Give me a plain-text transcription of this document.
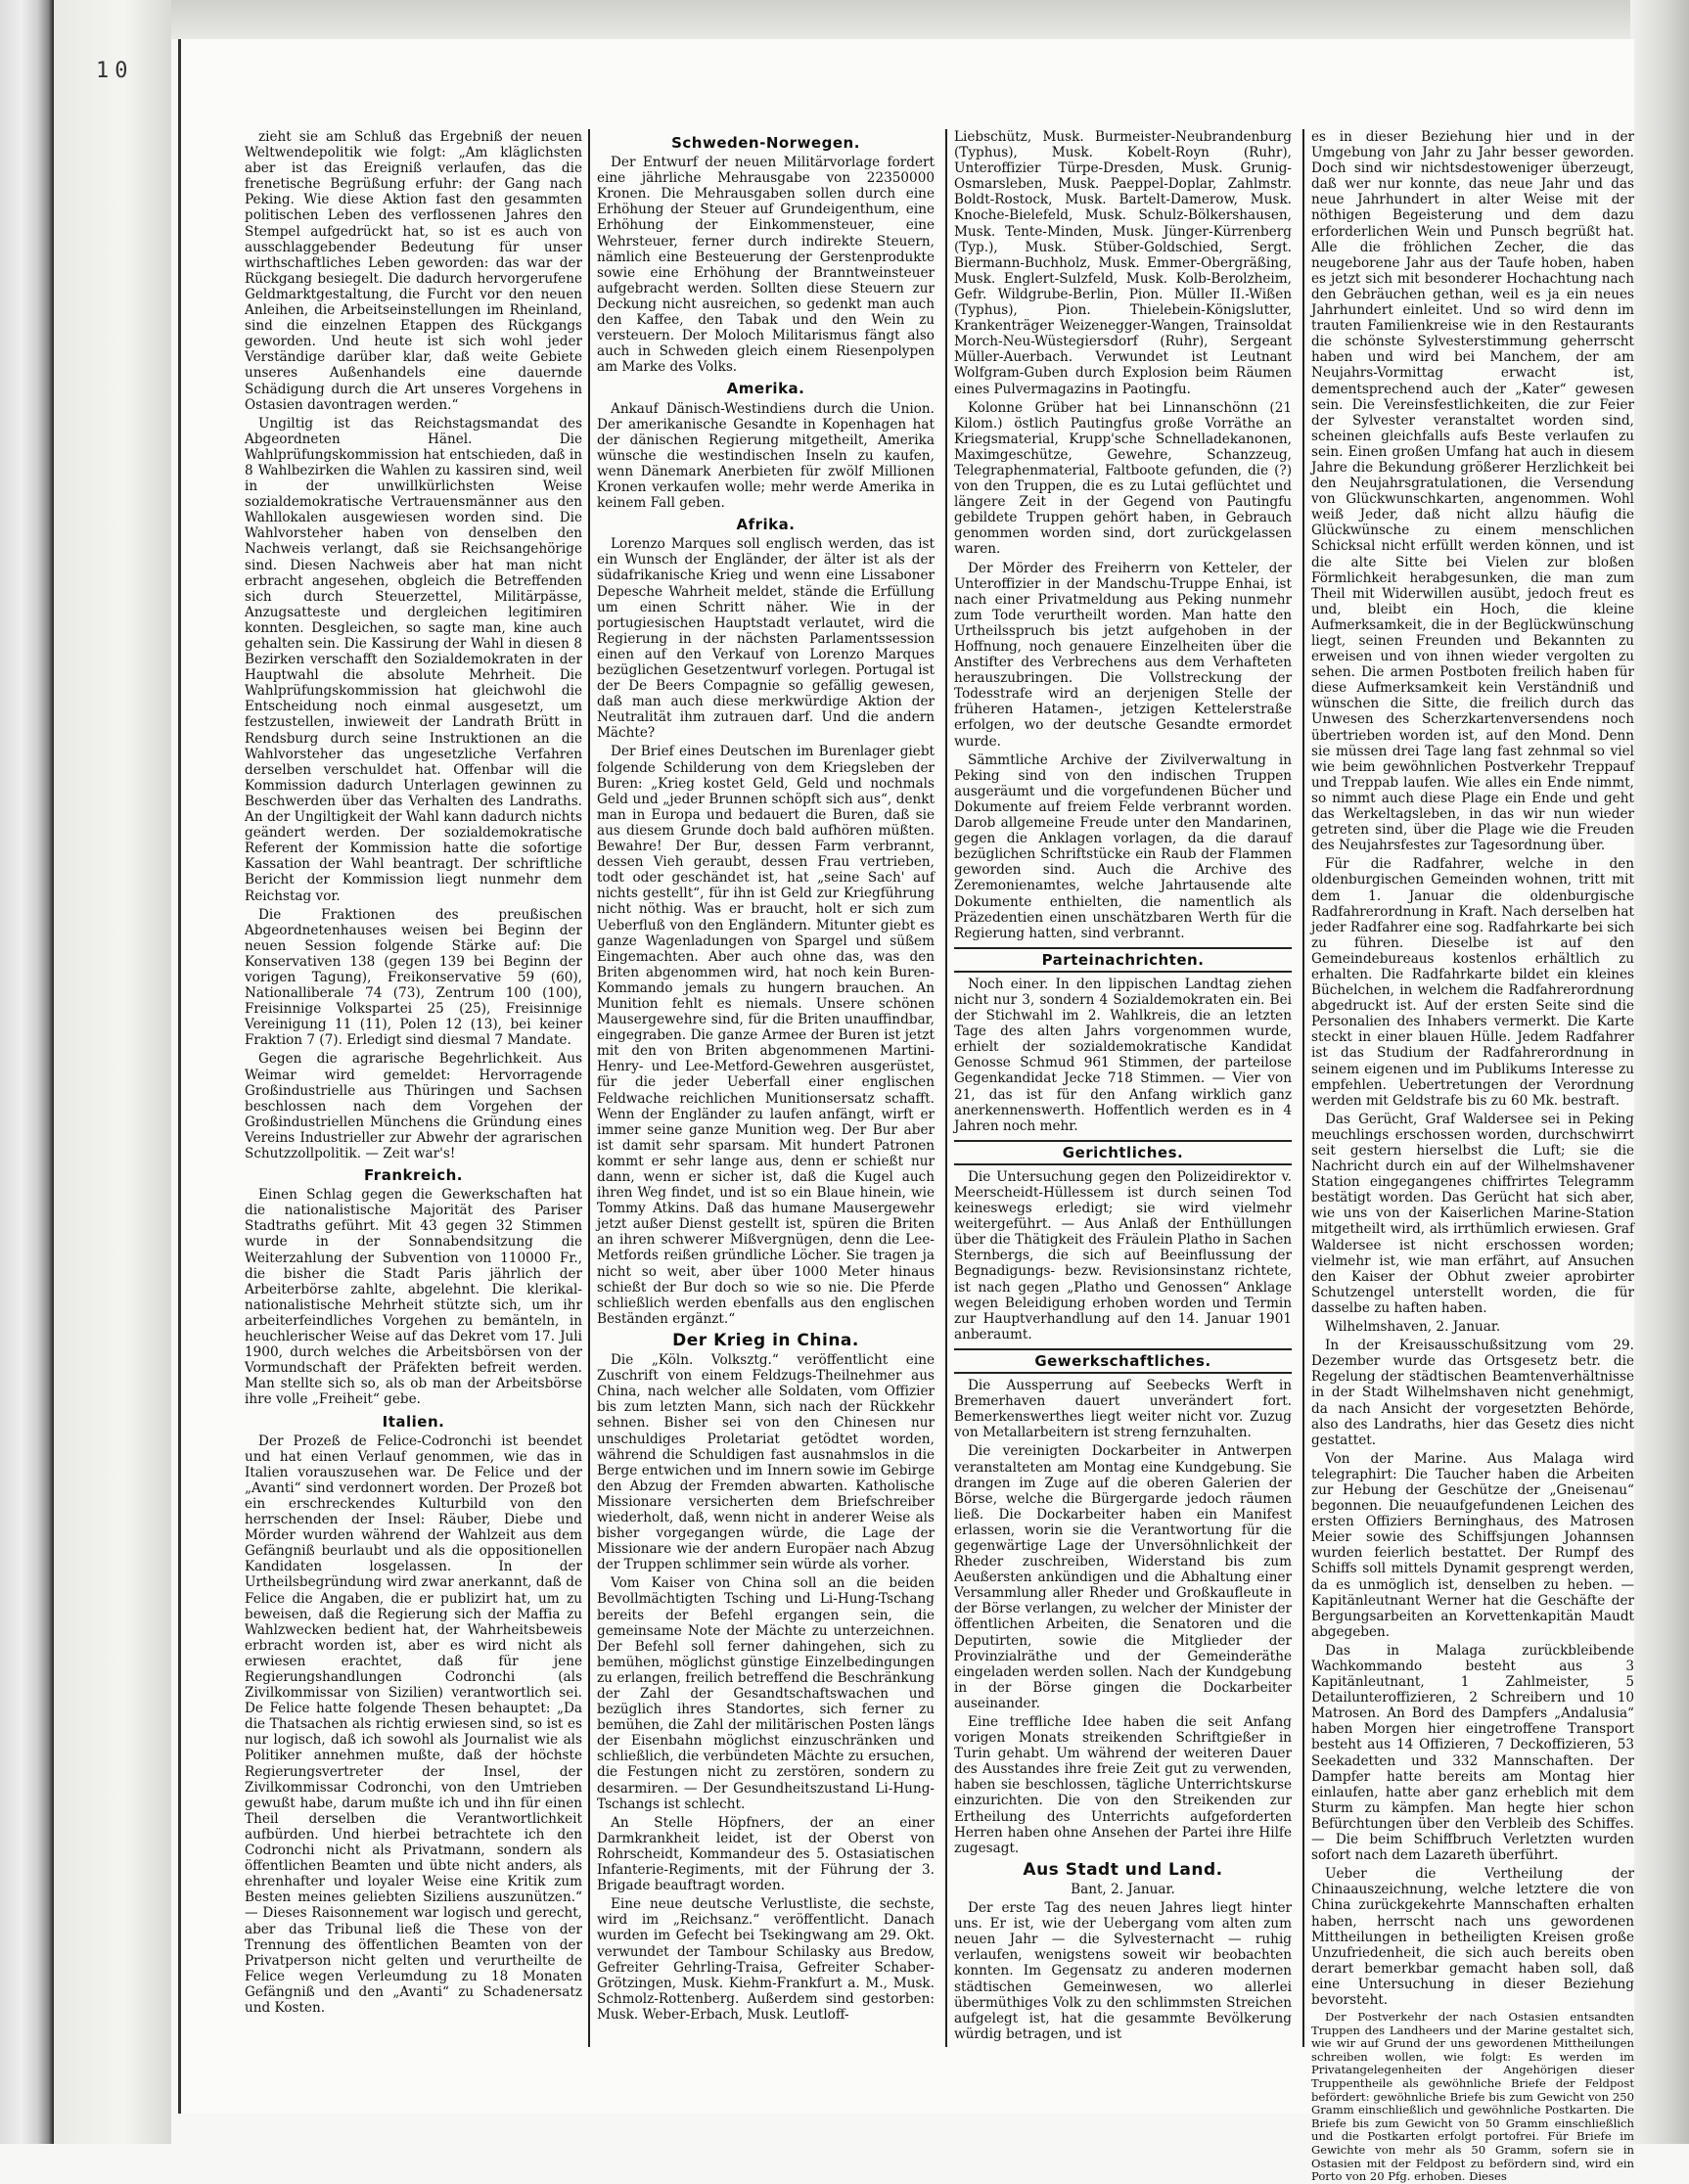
10

zieht sie am Schluß das Ergebniß der neuen Weltwendepolitik wie folgt: „Am kläglichsten aber ist das Ereigniß verlaufen, das die frenetische Begrüßung erfuhr: der Gang nach Peking. Wie diese Aktion fast den gesammten politischen Leben des verflossenen Jahres den Stempel aufgedrückt hat, so ist es auch von ausschlaggebender Bedeutung für unser wirthschaftliches Leben geworden: das war der Rückgang besiegelt. Die dadurch hervorgerufene Geldmarktgestaltung, die Furcht vor den neuen Anleihen, die Arbeitseinstellungen im Rheinland, sind die einzelnen Etappen des Rückgangs geworden. Und heute ist sich wohl jeder Verständige darüber klar, daß weite Gebiete unseres Außenhandels eine dauernde Schädigung durch die Art unseres Vorgehens in Ostasien davontragen werden.“

Ungiltig ist das Reichstagsmandat des Abgeordneten Hänel. Die Wahlprüfungskommission hat entschieden, daß in 8 Wahlbezirken die Wahlen zu kassiren sind, weil in der unwillkürlichsten Weise sozialdemokratische Vertrauensmänner aus den Wahllokalen ausgewiesen worden sind. Die Wahlvorsteher haben von denselben den Nachweis verlangt, daß sie Reichsangehörige sind. Diesen Nachweis aber hat man nicht erbracht angesehen, obgleich die Betreffenden sich durch Steuerzettel, Militärpässe, Anzugsatteste und dergleichen legitimiren konnten. Desgleichen, so sagte man, kine auch gehalten sein. Die Kassirung der Wahl in diesen 8 Bezirken verschafft den Sozialdemokraten in der Hauptwahl die absolute Mehrheit. Die Wahlprüfungskommission hat gleichwohl die Entscheidung noch einmal ausgesetzt, um festzustellen, inwieweit der Landrath Brütt in Rendsburg durch seine Instruktionen an die Wahlvorsteher das ungesetzliche Verfahren derselben verschuldet hat. Offenbar will die Kommission dadurch Unterlagen gewinnen zu Beschwerden über das Verhalten des Landraths. An der Ungiltigkeit der Wahl kann dadurch nichts geändert werden. Der sozialdemokratische Referent der Kommission hatte die sofortige Kassation der Wahl beantragt. Der schriftliche Bericht der Kommission liegt nunmehr dem Reichstag vor.

Die Fraktionen des preußischen Abgeordnetenhauses weisen bei Beginn der neuen Session folgende Stärke auf: Die Konservativen 138 (gegen 139 bei Beginn der vorigen Tagung), Freikonservative 59 (60), Nationalliberale 74 (73), Zentrum 100 (100), Freisinnige Volkspartei 25 (25), Freisinnige Vereinigung 11 (11), Polen 12 (13), bei keiner Fraktion 7 (7). Erledigt sind diesmal 7 Mandate.

Gegen die agrarische Begehrlichkeit. Aus Weimar wird gemeldet: Hervorragende Großindustrielle aus Thüringen und Sachsen beschlossen nach dem Vorgehen der Großindustriellen Münchens die Gründung eines Vereins Industrieller zur Abwehr der agrarischen Schutzzollpolitik. — Zeit war's!

Frankreich.

Einen Schlag gegen die Gewerkschaften hat die nationalistische Majorität des Pariser Stadtraths geführt. Mit 43 gegen 32 Stimmen wurde in der Sonnabendsitzung die Weiterzahlung der Subvention von 110000 Fr., die bisher die Stadt Paris jährlich der Arbeiterbörse zahlte, abgelehnt. Die klerikal-nationalistische Mehrheit stützte sich, um ihr arbeiterfeindliches Vorgehen zu bemänteln, in heuchlerischer Weise auf das Dekret vom 17. Juli 1900, durch welches die Arbeitsbörsen von der Vormundschaft der Präfekten befreit werden. Man stellte sich so, als ob man der Arbeitsbörse ihre volle „Freiheit“ gebe.

Italien.

Der Prozeß de Felice-Codronchi ist beendet und hat einen Verlauf genommen, wie das in Italien vorauszusehen war. De Felice und der „Avanti“ sind verdonnert worden. Der Prozeß bot ein erschreckendes Kulturbild von den herrschenden der Insel: Räuber, Diebe und Mörder wurden während der Wahlzeit aus dem Gefängniß beurlaubt und als die oppositionellen Kandidaten losgelassen. In der Urtheilsbegründung wird zwar anerkannt, daß de Felice die Angaben, die er publizirt hat, um zu beweisen, daß die Regierung sich der Maffia zu Wahlzwecken bedient hat, der Wahrheitsbeweis erbracht worden ist, aber es wird nicht als erwiesen erachtet, daß für jene Regierungshandlungen Codronchi (als Zivilkommissar von Sizilien) verantwortlich sei. De Felice hatte folgende Thesen behauptet: „Da die Thatsachen als richtig erwiesen sind, so ist es nur logisch, daß ich sowohl als Journalist wie als Politiker annehmen mußte, daß der höchste Regierungsvertreter der Insel, der Zivilkommissar Codronchi, von den Umtrieben gewußt habe, darum mußte ich und ihn für einen Theil derselben die Verantwortlichkeit aufbürden. Und hierbei betrachtete ich den Codronchi nicht als Privatmann, sondern als öffentlichen Beamten und übte nicht anders, als ehrenhafter und loyaler Weise eine Kritik zum Besten meines geliebten Siziliens auszunützen.“ — Dieses Raisonnement war logisch und gerecht, aber das Tribunal ließ die These von der Trennung des öffentlichen Beamten von der Privatperson nicht gelten und verurtheilte de Felice wegen Verleumdung zu 18 Monaten Gefängniß und den „Avanti“ zu Schadenersatz und Kosten.

Schweden-Norwegen.

Der Entwurf der neuen Militärvorlage fordert eine jährliche Mehrausgabe von 22350000 Kronen. Die Mehrausgaben sollen durch eine Erhöhung der Steuer auf Grundeigenthum, eine Erhöhung der Einkommensteuer, eine Wehrsteuer, ferner durch indirekte Steuern, nämlich eine Besteuerung der Gerstenprodukte sowie eine Erhöhung der Branntweinsteuer aufgebracht werden. Sollten diese Steuern zur Deckung nicht ausreichen, so gedenkt man auch den Kaffee, den Tabak und den Wein zu versteuern. Der Moloch Militarismus fängt also auch in Schweden gleich einem Riesenpolypen am Marke des Volks.

Amerika.

Ankauf Dänisch-Westindiens durch die Union. Der amerikanische Gesandte in Kopenhagen hat der dänischen Regierung mitgetheilt, Amerika wünsche die westindischen Inseln zu kaufen, wenn Dänemark Anerbieten für zwölf Millionen Kronen verkaufen wolle; mehr werde Amerika in keinem Fall geben.

Afrika.

Lorenzo Marques soll englisch werden, das ist ein Wunsch der Engländer, der älter ist als der südafrikanische Krieg und wenn eine Lissaboner Depesche Wahrheit meldet, stände die Erfüllung um einen Schritt näher. Wie in der portugiesischen Hauptstadt verlautet, wird die Regierung in der nächsten Parlamentssession einen auf den Verkauf von Lorenzo Marques bezüglichen Gesetzentwurf vorlegen. Portugal ist der De Beers Compagnie so gefällig gewesen, daß man auch diese merkwürdige Aktion der Neutralität ihm zutrauen darf. Und die andern Mächte?

Der Brief eines Deutschen im Burenlager giebt folgende Schilderung von dem Kriegsleben der Buren: „Krieg kostet Geld, Geld und nochmals Geld und „jeder Brunnen schöpft sich aus“, denkt man in Europa und bedauert die Buren, daß sie aus diesem Grunde doch bald aufhören müßten. Bewahre! Der Bur, dessen Farm verbrannt, dessen Vieh geraubt, dessen Frau vertrieben, todt oder geschändet ist, hat „seine Sach' auf nichts gestellt“, für ihn ist Geld zur Kriegführung nicht nöthig. Was er braucht, holt er sich zum Ueberfluß von den Engländern. Mitunter giebt es ganze Wagenladungen von Spargel und süßem Eingemachten. Aber auch ohne das, was den Briten abgenommen wird, hat noch kein Buren-Kommando jemals zu hungern brauchen. An Munition fehlt es niemals. Unsere schönen Mausergewehre sind, für die Briten unauffindbar, eingegraben. Die ganze Armee der Buren ist jetzt mit den von Briten abgenommenen Martini-Henry- und Lee-Metford-Gewehren ausgerüstet, für die jeder Ueberfall einer englischen Feldwache reichlichen Munitionsersatz schafft. Wenn der Engländer zu laufen anfängt, wirft er immer seine ganze Munition weg. Der Bur aber ist damit sehr sparsam. Mit hundert Patronen kommt er sehr lange aus, denn er schießt nur dann, wenn er sicher ist, daß die Kugel auch ihren Weg findet, und ist so ein Blaue hinein, wie Tommy Atkins. Daß das humane Mausergewehr jetzt außer Dienst gestellt ist, spüren die Briten an ihren schwerer Mißvergnügen, denn die Lee-Metfords reißen gründliche Löcher. Sie tragen ja nicht so weit, aber über 1000 Meter hinaus schießt der Bur doch so wie so nie. Die Pferde schließlich werden ebenfalls aus den englischen Beständen ergänzt.“

Der Krieg in China.

Die „Köln. Volksztg.“ veröffentlicht eine Zuschrift von einem Feldzugs-Theilnehmer aus China, nach welcher alle Soldaten, vom Offizier bis zum letzten Mann, sich nach der Rückkehr sehnen. Bisher sei von den Chinesen nur unschuldiges Proletariat getödtet worden, während die Schuldigen fast ausnahmslos in die Berge entwichen und im Innern sowie im Gebirge den Abzug der Fremden abwarten. Katholische Missionare versicherten dem Briefschreiber wiederholt, daß, wenn nicht in anderer Weise als bisher vorgegangen würde, die Lage der Missionare wie der andern Europäer nach Abzug der Truppen schlimmer sein würde als vorher.

Vom Kaiser von China soll an die beiden Bevollmächtigten Tsching und Li-Hung-Tschang bereits der Befehl ergangen sein, die gemeinsame Note der Mächte zu unterzeichnen. Der Befehl soll ferner dahingehen, sich zu bemühen, möglichst günstige Einzelbedingungen zu erlangen, freilich betreffend die Beschränkung der Zahl der Gesandtschaftswachen und bezüglich ihres Standortes, sich ferner zu bemühen, die Zahl der militärischen Posten längs der Eisenbahn möglichst einzuschränken und schließlich, die verbündeten Mächte zu ersuchen, die Festungen nicht zu zerstören, sondern zu desarmiren. — Der Gesundheitszustand Li-Hung-Tschangs ist schlecht.

An Stelle Höpfners, der an einer Darmkrankheit leidet, ist der Oberst von Rohrscheidt, Kommandeur des 5. Ostasiatischen Infanterie-Regiments, mit der Führung der 3. Brigade beauftragt worden.

Eine neue deutsche Verlustliste, die sechste, wird im „Reichsanz.“ veröffentlicht. Danach wurden im Gefecht bei Tsekingwang am 29. Okt. verwundet der Tambour Schilasky aus Bredow, Gefreiter Gehrling-Traisa, Gefreiter Schaber-Grötzingen, Musk. Kiehm-Frankfurt a. M., Musk. Schmolz-Rottenberg. Außerdem sind gestorben: Musk. Weber-Erbach, Musk. Leutloff-

Liebschütz, Musk. Burmeister-Neubrandenburg (Typhus), Musk. Kobelt-Royn (Ruhr), Unteroffizier Türpe-Dresden, Musk. Grunig-Osmarsleben, Musk. Paeppel-Doplar, Zahlmstr. Boldt-Rostock, Musk. Bartelt-Damerow, Musk. Knoche-Bielefeld, Musk. Schulz-Bölkershausen, Musk. Tente-Minden, Musk. Jünger-Kürrenberg (Typ.), Musk. Stüber-Goldschied, Sergt. Biermann-Buchholz, Musk. Emmer-Obergräßing, Musk. Englert-Sulzfeld, Musk. Kolb-Berolzheim, Gefr. Wildgrube-Berlin, Pion. Müller II.-Wißen (Typhus), Pion. Thielebein-Königslutter, Krankenträger Weizenegger-Wangen, Trainsoldat Morch-Neu-Wüstegiersdorf (Ruhr), Sergeant Müller-Auerbach. Verwundet ist Leutnant Wolfgram-Guben durch Explosion beim Räumen eines Pulvermagazins in Paotingfu.

Kolonne Grüber hat bei Linnanschönn (21 Kilom.) östlich Pautingfus große Vorräthe an Kriegsmaterial, Krupp'sche Schnelladekanonen, Maximgeschütze, Gewehre, Schanzzeug, Telegraphenmaterial, Faltboote gefunden, die (?) von den Truppen, die es zu Lutai geflüchtet und längere Zeit in der Gegend von Pautingfu gebildete Truppen gehört haben, in Gebrauch genommen worden sind, dort zurückgelassen waren.

Der Mörder des Freiherrn von Ketteler, der Unteroffizier in der Mandschu-Truppe Enhai, ist nach einer Privatmeldung aus Peking nunmehr zum Tode verurtheilt worden. Man hatte den Urtheilsspruch bis jetzt aufgehoben in der Hoffnung, noch genauere Einzelheiten über die Anstifter des Verbrechens aus dem Verhafteten herauszubringen. Die Vollstreckung der Todesstrafe wird an derjenigen Stelle der früheren Hatamen-, jetzigen Kettelerstraße erfolgen, wo der deutsche Gesandte ermordet wurde.

Sämmtliche Archive der Zivilverwaltung in Peking sind von den indischen Truppen ausgeräumt und die vorgefundenen Bücher und Dokumente auf freiem Felde verbrannt worden. Darob allgemeine Freude unter den Mandarinen, gegen die Anklagen vorlagen, da die darauf bezüglichen Schriftstücke ein Raub der Flammen geworden sind. Auch die Archive des Zeremonienamtes, welche Jahrtausende alte Dokumente enthielten, die namentlich als Präzedentien einen unschätzbaren Werth für die Regierung hatten, sind verbrannt.

Parteinachrichten.

Noch einer. In den lippischen Landtag ziehen nicht nur 3, sondern 4 Sozialdemokraten ein. Bei der Stichwahl im 2. Wahlkreis, die an letzten Tage des alten Jahrs vorgenommen wurde, erhielt der sozialdemokratische Kandidat Genosse Schmud 961 Stimmen, der parteilose Gegenkandidat Jecke 718 Stimmen. — Vier von 21, das ist für den Anfang wirklich ganz anerkennenswerth. Hoffentlich werden es in 4 Jahren noch mehr.

Gerichtliches.

Die Untersuchung gegen den Polizeidirektor v. Meerscheidt-Hüllessem ist durch seinen Tod keineswegs erledigt; sie wird vielmehr weitergeführt. — Aus Anlaß der Enthüllungen über die Thätigkeit des Fräulein Platho in Sachen Sternbergs, die sich auf Beeinflussung der Begnadigungs- bezw. Revisionsinstanz richtete, ist nach gegen „Platho und Genossen“ Anklage wegen Beleidigung erhoben worden und Termin zur Hauptverhandlung auf den 14. Januar 1901 anberaumt.

Gewerkschaftliches.

Die Aussperrung auf Seebecks Werft in Bremerhaven dauert unverändert fort. Bemerkenswerthes liegt weiter nicht vor. Zuzug von Metallarbeitern ist streng fernzuhalten.

Die vereinigten Dockarbeiter in Antwerpen veranstalteten am Montag eine Kundgebung. Sie drangen im Zuge auf die oberen Galerien der Börse, welche die Bürgergarde jedoch räumen ließ. Die Dockarbeiter haben ein Manifest erlassen, worin sie die Verantwortung für die gegenwärtige Lage der Unversöhnlichkeit der Rheder zuschreiben, Widerstand bis zum Aeußersten ankündigen und die Abhaltung einer Versammlung aller Rheder und Großkaufleute in der Börse verlangen, zu welcher der Minister der öffentlichen Arbeiten, die Senatoren und die Deputirten, sowie die Mitglieder der Provinzialräthe und der Gemeinderäthe eingeladen werden sollen. Nach der Kundgebung in der Börse gingen die Dockarbeiter auseinander.

Eine treffliche Idee haben die seit Anfang vorigen Monats streikenden Schriftgießer in Turin gehabt. Um während der weiteren Dauer des Ausstandes ihre freie Zeit gut zu verwenden, haben sie beschlossen, tägliche Unterrichtskurse einzurichten. Die von den Streikenden zur Ertheilung des Unterrichts aufgeforderten Herren haben ohne Ansehen der Partei ihre Hilfe zugesagt.

Aus Stadt und Land.

Bant, 2. Januar.

Der erste Tag des neuen Jahres liegt hinter uns. Er ist, wie der Uebergang vom alten zum neuen Jahr — die Sylvesternacht — ruhig verlaufen, wenigstens soweit wir beobachten konnten. Im Gegensatz zu anderen modernen städtischen Gemeinwesen, wo allerlei übermüthiges Volk zu den schlimmsten Streichen aufgelegt ist, hat die gesammte Bevölkerung würdig betragen, und ist

es in dieser Beziehung hier und in der Umgebung von Jahr zu Jahr besser geworden. Doch sind wir nichtsdestoweniger überzeugt, daß wer nur konnte, das neue Jahr und das neue Jahrhundert in alter Weise mit der nöthigen Begeisterung und dem dazu erforderlichen Wein und Punsch begrüßt hat. Alle die fröhlichen Zecher, die das neugeborene Jahr aus der Taufe hoben, haben es jetzt sich mit besonderer Hochachtung nach den Gebräuchen gethan, weil es ja ein neues Jahrhundert einleitet. Und so wird denn im trauten Familienkreise wie in den Restaurants die schönste Sylvesterstimmung geherrscht haben und wird bei Manchem, der am Neujahrs-Vormittag erwacht ist, dementsprechend auch der „Kater“ gewesen sein. Die Vereinsfestlichkeiten, die zur Feier der Sylvester veranstaltet worden sind, scheinen gleichfalls aufs Beste verlaufen zu sein. Einen großen Umfang hat auch in diesem Jahre die Bekundung größerer Herzlichkeit bei den Neujahrsgratulationen, die Versendung von Glückwunschkarten, angenommen. Wohl weiß Jeder, daß nicht allzu häufig die Glückwünsche zu einem menschlichen Schicksal nicht erfüllt werden können, und ist die alte Sitte bei Vielen zur bloßen Förmlichkeit herabgesunken, die man zum Theil mit Widerwillen ausübt, jedoch freut es und, bleibt ein Hoch, die kleine Aufmerksamkeit, die in der Beglückwünschung liegt, seinen Freunden und Bekannten zu erweisen und von ihnen wieder vergolten zu sehen. Die armen Postboten freilich haben für diese Aufmerksamkeit kein Verständniß und wünschen die Sitte, die freilich durch das Unwesen des Scherzkartenversendens noch übertrieben worden ist, auf den Mond. Denn sie müssen drei Tage lang fast zehnmal so viel wie beim gewöhnlichen Postverkehr Treppauf und Treppab laufen. Wie alles ein Ende nimmt, so nimmt auch diese Plage ein Ende und geht das Werkeltagsleben, in das wir nun wieder getreten sind, über die Plage wie die Freuden des Neujahrsfestes zur Tagesordnung über.

Für die Radfahrer, welche in den oldenburgischen Gemeinden wohnen, tritt mit dem 1. Januar die oldenburgische Radfahrerordnung in Kraft. Nach derselben hat jeder Radfahrer eine sog. Radfahrkarte bei sich zu führen. Dieselbe ist auf den Gemeindebureaus kostenlos erhältlich zu erhalten. Die Radfahrkarte bildet ein kleines Büchelchen, in welchem die Radfahrerordnung abgedruckt ist. Auf der ersten Seite sind die Personalien des Inhabers vermerkt. Die Karte steckt in einer blauen Hülle. Jedem Radfahrer ist das Studium der Radfahrerordnung in seinem eigenen und im Publikums Interesse zu empfehlen. Uebertretungen der Verordnung werden mit Geldstrafe bis zu 60 Mk. bestraft.

Das Gerücht, Graf Waldersee sei in Peking meuchlings erschossen worden, durchschwirrt seit gestern hierselbst die Luft; sie die Nachricht durch ein auf der Wilhelmshavener Station eingegangenes chiffrirtes Telegramm bestätigt worden. Das Gerücht hat sich aber, wie uns von der Kaiserlichen Marine-Station mitgetheilt wird, als irrthümlich erwiesen. Graf Waldersee ist nicht erschossen worden; vielmehr ist, wie man erfährt, auf Ansuchen den Kaiser der Obhut zweier aprobirter Schutzengel unterstellt worden, die für dasselbe zu haften haben.

Wilhelmshaven, 2. Januar.

In der Kreisausschußsitzung vom 29. Dezember wurde das Ortsgesetz betr. die Regelung der städtischen Beamtenverhältnisse in der Stadt Wilhelmshaven nicht genehmigt, da nach Ansicht der vorgesetzten Behörde, also des Landraths, hier das Gesetz dies nicht gestattet.

Von der Marine. Aus Malaga wird telegraphirt: Die Taucher haben die Arbeiten zur Hebung der Geschütze der „Gneisenau“ begonnen. Die neuaufgefundenen Leichen des ersten Offiziers Berninghaus, des Matrosen Meier sowie des Schiffsjungen Johannsen wurden feierlich bestattet. Der Rumpf des Schiffs soll mittels Dynamit gesprengt werden, da es unmöglich ist, denselben zu heben. — Kapitänleutnant Werner hat die Geschäfte der Bergungsarbeiten an Korvettenkapitän Maudt abgegeben.

Das in Malaga zurückbleibende Wachkommando besteht aus 3 Kapitänleutnant, 1 Zahlmeister, 5 Detailunteroffizieren, 2 Schreibern und 10 Matrosen. An Bord des Dampfers „Andalusia“ haben Morgen hier eingetroffene Transport besteht aus 14 Offizieren, 7 Deckoffizieren, 53 Seekadetten und 332 Mannschaften. Der Dampfer hatte bereits am Montag hier einlaufen, hatte aber ganz erheblich mit dem Sturm zu kämpfen. Man hegte hier schon Befürchtungen über den Verbleib des Schiffes. — Die beim Schiffbruch Verletzten wurden sofort nach dem Lazareth überführt.

Ueber die Vertheilung der Chinaauszeichnung, welche letztere die von China zurückgekehrte Mannschaften erhalten haben, herrscht nach uns gewordenen Mittheilungen in betheiligten Kreisen große Unzufriedenheit, die sich auch bereits oben derart bemerkbar gemacht haben soll, daß eine Untersuchung in dieser Beziehung bevorsteht.

Der Postverkehr der nach Ostasien entsandten Truppen des Landheers und der Marine gestaltet sich, wie wir auf Grund der uns gewordenen Mittheilungen schreiben wollen, wie folgt: Es werden im Privatangelegenheiten der Angehörigen dieser Truppentheile als gewöhnliche Briefe der Feldpost befördert: gewöhnliche Briefe bis zum Gewicht von 250 Gramm einschließlich und gewöhnliche Postkarten. Die Briefe bis zum Gewicht von 50 Gramm einschließlich und die Postkarten erfolgt portofrei. Für Briefe im Gewichte von mehr als 50 Gramm, sofern sie in Ostasien mit der Feldpost zu befördern sind, wird ein Porto von 20 Pfg. erhoben. Dieses
